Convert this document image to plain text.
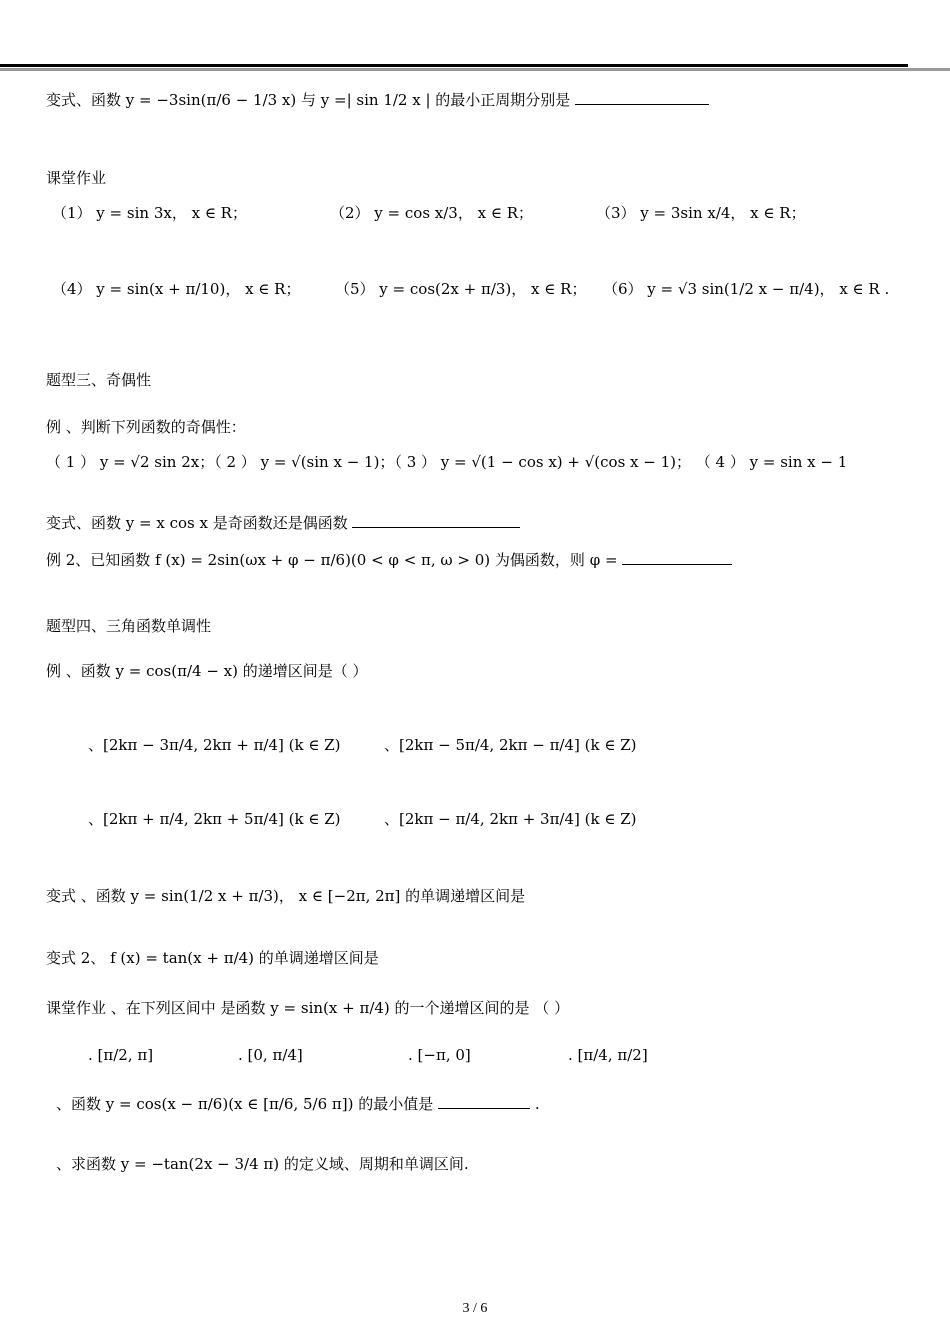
变式、函数 y = −3sin(π/6 − 1/3 x) 与 y =| sin 1/2 x | 的最小正周期分别是
课堂作业
（1） y = sin 3x， x ∈ R；	（2） y = cos x/3， x ∈ R；	（3） y = 3sin x/4， x ∈ R；
（4） y = sin(x + π/10)， x ∈ R； （5） y = cos(2x + π/3)， x ∈ R； （6） y = √3 sin(1/2 x − π/4)， x ∈ R .
题型三、奇偶性
例 、判断下列函数的奇偶性：
（ 1 ） y = √2 sin 2x；（ 2 ） y = √(sin x − 1)；（ 3 ） y = √(1 − cos x) + √(cos x − 1)； （ 4 ） y = sin x − 1
变式、函数 y = x cos x 是奇函数还是偶函数
例 2、已知函数 f (x) = 2sin(ωx + φ − π/6)(0 < φ < π, ω > 0) 为偶函数，则 φ =
题型四、三角函数单调性
例 、函数 y = cos(π/4 − x) 的递增区间是（ ）
、[2kπ − 3π/4, 2kπ + π/4] (k ∈ Z)	、[2kπ − 5π/4, 2kπ − π/4] (k ∈ Z)
、[2kπ + π/4, 2kπ + 5π/4] (k ∈ Z)	、[2kπ − π/4, 2kπ + 3π/4] (k ∈ Z)
变式 、函数 y = sin(1/2 x + π/3)， x ∈ [−2π, 2π] 的单调递增区间是
变式 2、 f (x) = tan(x + π/4) 的单调递增区间是
课堂作业 、在下列区间中 是函数 y = sin(x + π/4) 的一个递增区间的是 （ ）
. [π/2, π]	. [0, π/4]	. [−π, 0]	. [π/4, π/2]
、函数 y = cos(x − π/6)(x ∈ [π/6, 5/6 π]) 的最小值是	.
、求函数 y = −tan(2x − 3/4 π) 的定义域、周期和单调区间.
3 / 6
